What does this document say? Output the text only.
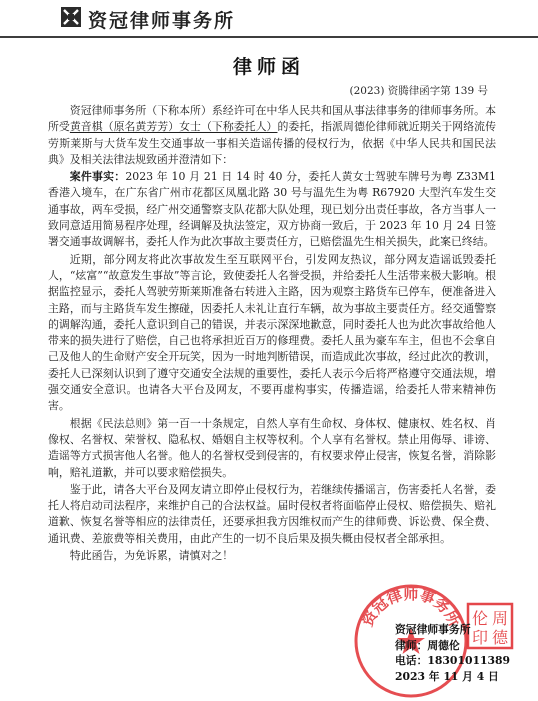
资冠律师事务所
律师函
(2023) 资腾律函字第 139 号

资冠律师事务所（下称本所）系经许可在中华人民共和国从事法律事务的律师事务所。本所受黄音棋（原名黄芳芳）女士（下称委托人）的委托，指派周德伦律师就近期关于网络流传劳斯莱斯与大货车发生交通事故一事相关造谣传播的侵权行为，依据《中华人民共和国民法典》及相关法律法规致函并澄清如下：

案件事实：2023 年 10 月 21 日 14 时 40 分，委托人黄女士驾驶车牌号为粤 Z33M1 香港入境车，在广东省广州市花都区凤凰北路 30 号与温先生为粤 R67920 大型汽车发生交通事故，两车受损，经广州交通警察支队花都大队处理，现已划分出责任事故，各方当事人一致同意适用简易程序处理，经调解及执法签定，双方协商一致后，于 2023 年 10 月 24 日签署交通事故调解书，委托人作为此次事故主要责任方，已赔偿温先生相关损失，此案已终结。

近期，部分网友将此次事故发生至互联网平台，引发网友热议，部分网友造谣诋毁委托人，“炫富”“故意发生事故”等言论，致使委托人名誉受损，并给委托人生活带来极大影响。根据监控显示，委托人驾驶劳斯莱斯准备右转进入主路，因为观察主路货车已停车，便准备进入主路，而与主路货车发生擦碰，因委托人未礼让直行车辆，故为事故主要责任方。经交通警察的调解沟通，委托人意识到自己的错误，并表示深深地歉意，同时委托人也为此次事故给他人带来的损失进行了赔偿，自己也将承担近百万的修理费。委托人虽为豪车车主，但也不会拿自己及他人的生命财产安全开玩笑，因为一时地判断错误，而造成此次事故，经过此次的教训，委托人已深刻认识到了遵守交通安全法规的重要性，委托人表示今后将严格遵守交通法规，增强交通安全意识。也请各大平台及网友，不要再虚构事实，传播造谣，给委托人带来精神伤害。

根据《民法总则》第一百一十条规定，自然人享有生命权、身体权、健康权、姓名权、肖像权、名誉权、荣誉权、隐私权、婚姻自主权等权利。个人享有名誉权。禁止用侮辱、诽谤、造谣等方式损害他人名誉。他人的名誉权受到侵害的，有权要求停止侵害，恢复名誉，消除影响，赔礼道歉，并可以要求赔偿损失。

鉴于此，请各大平台及网友请立即停止侵权行为，若继续传播谣言，伤害委托人名誉，委托人将启动司法程序，来维护自己的合法权益。届时侵权者将面临停止侵权、赔偿损失、赔礼道歉、恢复名誉等相应的法律责任，还要承担我方因维权而产生的律师费、诉讼费、保全费、通讯费、差旅费等相关费用，由此产生的一切不良后果及损失概由侵权者全部承担。

特此函告，为免诉累，请慎对之！

资冠律师事务所 周
德
伦
印
资冠律师事务所
律师：周德伦
电话：18301011389
2023 年 11 月 4 日
